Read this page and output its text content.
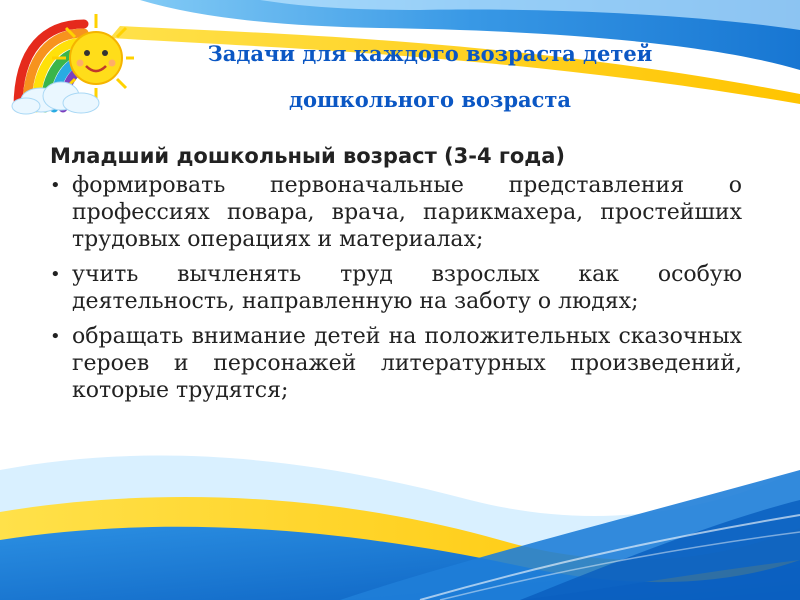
Задачи для каждого возраста детей
дошкольного возраста
Младший дошкольный возраст (3-4 года)
• формировать первоначальные представления о профессиях повара, врача, парикмахера, простейших трудовых операциях и материалах;
• учить вычленять труд взрослых как особую деятельность, направленную на заботу о людях;
• обращать внимание детей на положительных сказочных героев и персонажей литературных произведений, которые трудятся;
